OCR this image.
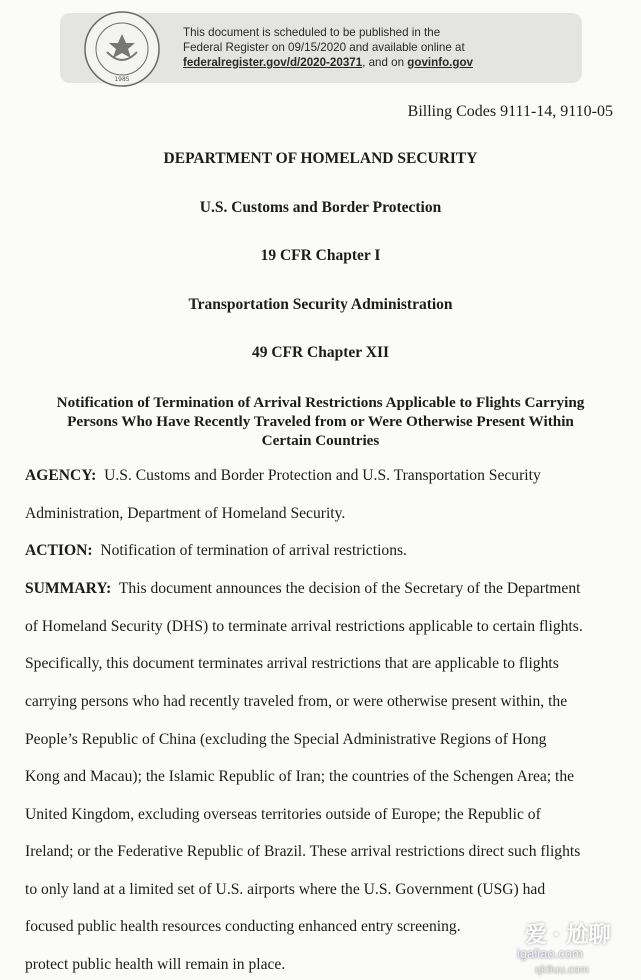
1985
This document is scheduled to be published in the
Federal Register on 09/15/2020 and available online at
federalregister.gov/d/2020-20371, and on govinfo.gov
Billing Codes 9111-14, 9110-05
DEPARTMENT OF HOMELAND SECURITY
U.S. Customs and Border Protection
19 CFR Chapter I
Transportation Security Administration
49 CFR Chapter XII
Notification of Termination of Arrival Restrictions Applicable to Flights Carrying
Persons Who Have Recently Traveled from or Were Otherwise Present Within
Certain Countries
AGENCY: U.S. Customs and Border Protection and U.S. Transportation Security
Administration, Department of Homeland Security.
ACTION: Notification of termination of arrival restrictions.
SUMMARY: This document announces the decision of the Secretary of the Department
of Homeland Security (DHS) to terminate arrival restrictions applicable to certain flights.
Specifically, this document terminates arrival restrictions that are applicable to flights
carrying persons who had recently traveled from, or were otherwise present within, the
People’s Republic of China (excluding the Special Administrative Regions of Hong
Kong and Macau); the Islamic Republic of Iran; the countries of the Schengen Area; the
United Kingdom, excluding overseas territories outside of Europe; the Republic of
Ireland; or the Federative Republic of Brazil. These arrival restrictions direct such flights
to only land at a limited set of U.S. airports where the U.S. Government (USG) had
focused public health resources conducting enhanced entry screening.
protect public health will remain in place.
爱 · 尬聊
igaliao.com
qk9uu.com
